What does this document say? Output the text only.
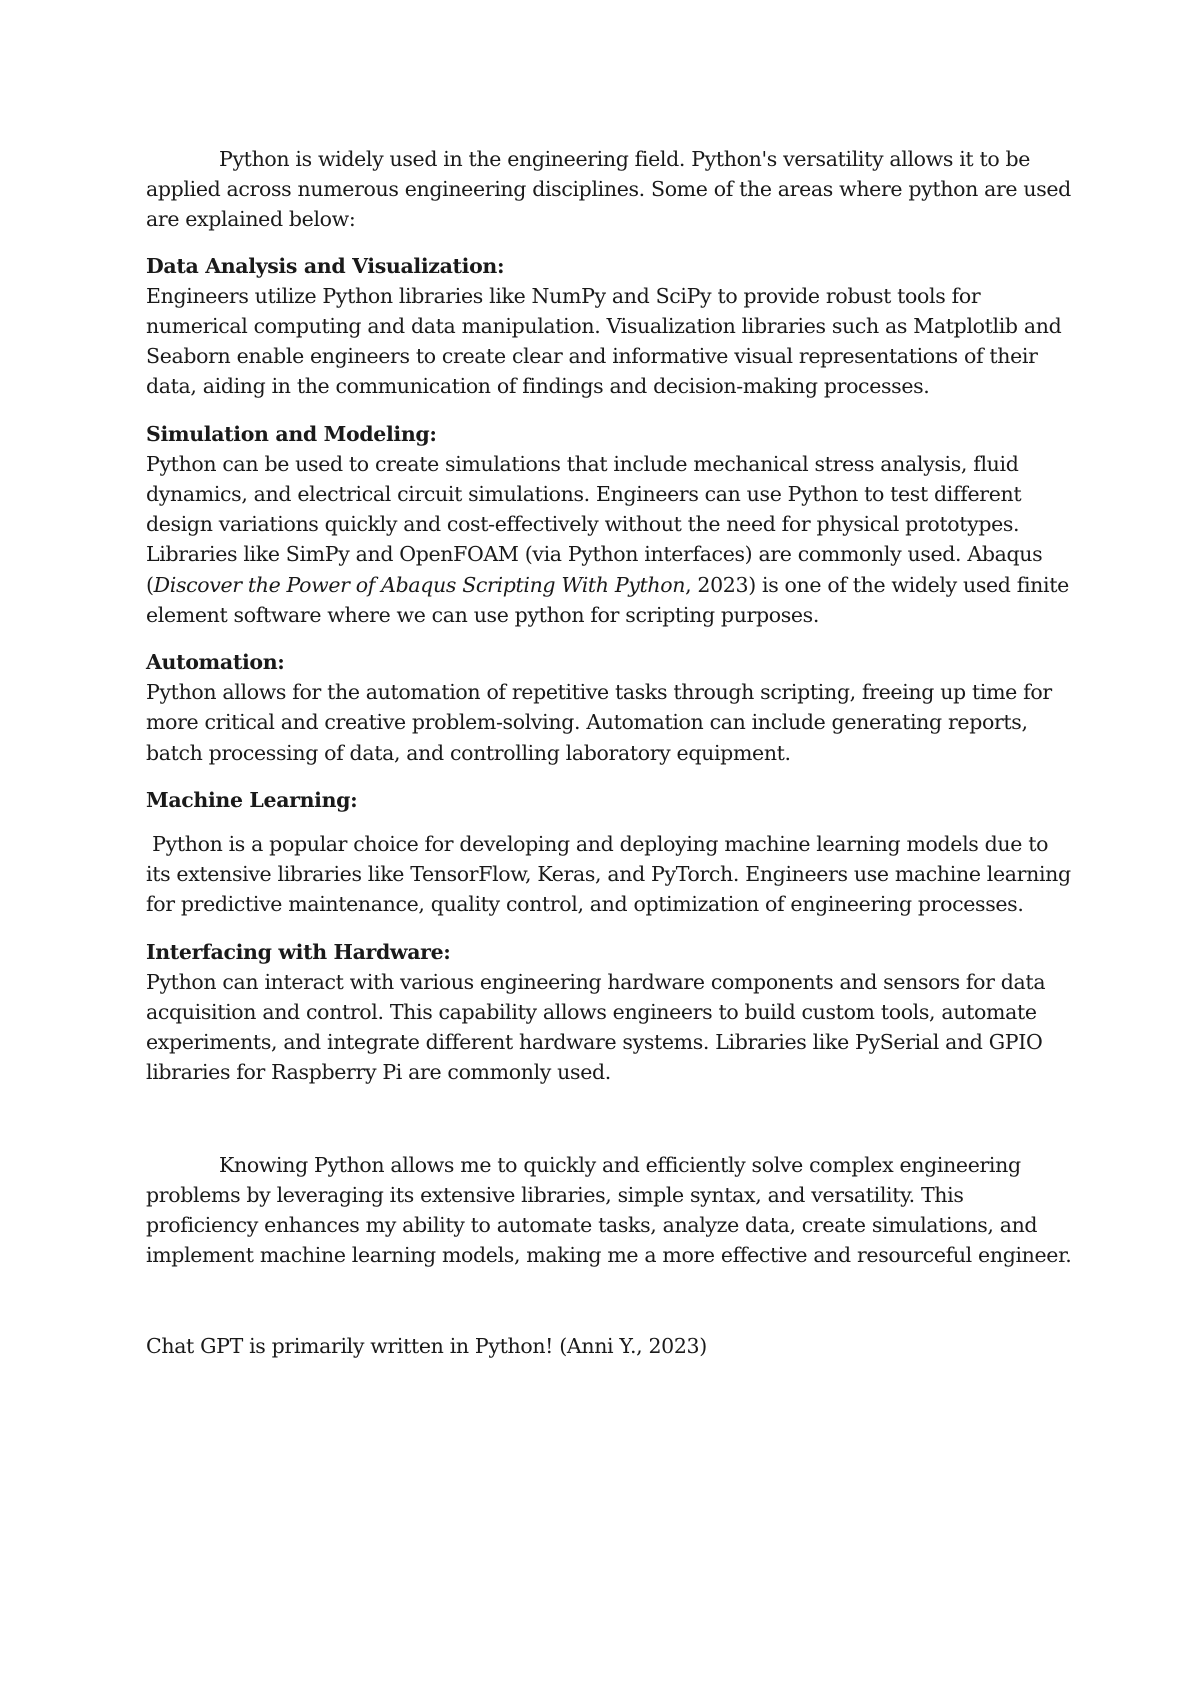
Python is widely used in the engineering field. Python's versatility allows it to be applied across numerous engineering disciplines. Some of the areas where python are used are explained below:

Data Analysis and Visualization:

Engineers utilize Python libraries like NumPy and SciPy to provide robust tools for numerical computing and data manipulation. Visualization libraries such as Matplotlib and Seaborn enable engineers to create clear and informative visual representations of their data, aiding in the communication of findings and decision-making processes.

Simulation and Modeling:

Python can be used to create simulations that include mechanical stress analysis, fluid dynamics, and electrical circuit simulations. Engineers can use Python to test different design variations quickly and cost-effectively without the need for physical prototypes. Libraries like SimPy and OpenFOAM (via Python interfaces) are commonly used. Abaqus (Discover the Power of Abaqus Scripting With Python, 2023) is one of the widely used finite element software where we can use python for scripting purposes.

Automation:

Python allows for the automation of repetitive tasks through scripting, freeing up time for more critical and creative problem-solving. Automation can include generating reports, batch processing of data, and controlling laboratory equipment.

Machine Learning:

Python is a popular choice for developing and deploying machine learning models due to its extensive libraries like TensorFlow, Keras, and PyTorch. Engineers use machine learning for predictive maintenance, quality control, and optimization of engineering processes.

Interfacing with Hardware:

Python can interact with various engineering hardware components and sensors for data acquisition and control. This capability allows engineers to build custom tools, automate experiments, and integrate different hardware systems. Libraries like PySerial and GPIO libraries for Raspberry Pi are commonly used.

Knowing Python allows me to quickly and efficiently solve complex engineering problems by leveraging its extensive libraries, simple syntax, and versatility. This proficiency enhances my ability to automate tasks, analyze data, create simulations, and implement machine learning models, making me a more effective and resourceful engineer.

Chat GPT is primarily written in Python! (Anni Y., 2023)
